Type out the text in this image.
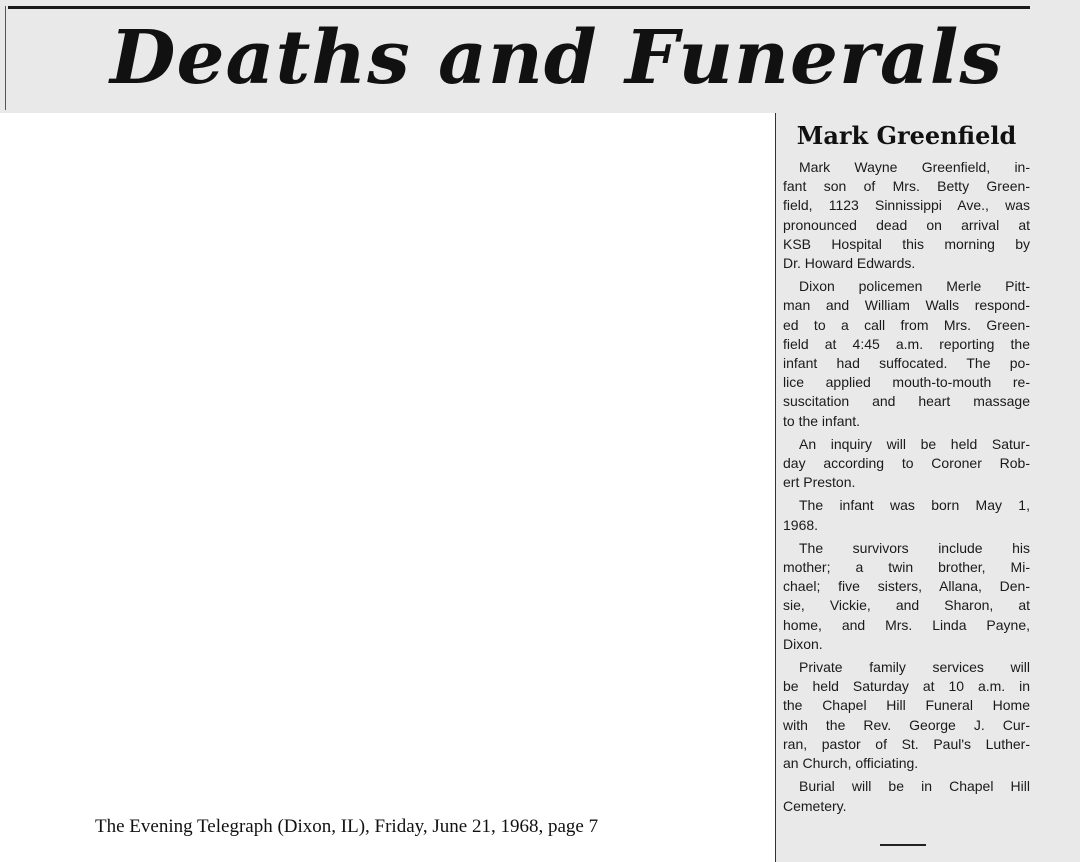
Deaths and Funerals
Mark Greenfield

Mark Wayne Greenfield, in-
fant son of Mrs. Betty Green-
field, 1123 Sinnissippi Ave., was
pronounced dead on arrival at
KSB Hospital this morning by
Dr. Howard Edwards.

Dixon policemen Merle Pitt-
man and William Walls respond-
ed to a call from Mrs. Green-
field at 4:45 a.m. reporting the
infant had suffocated. The po-
lice applied mouth-to-mouth re-
suscitation and heart massage
to the infant.

An inquiry will be held Satur-
day according to Coroner Rob-
ert Preston.

The infant was born May 1,
1968.

The survivors include his
mother; a twin brother, Mi-
chael; five sisters, Allana, Den-
sie, Vickie, and Sharon, at
home, and Mrs. Linda Payne,
Dixon.

Private family services will
be held Saturday at 10 a.m. in
the Chapel Hill Funeral Home
with the Rev. George J. Cur-
ran, pastor of St. Paul's Luther-
an Church, officiating.

Burial will be in Chapel Hill
Cemetery.

The Evening Telegraph (Dixon, IL), Friday, June 21, 1968, page 7
